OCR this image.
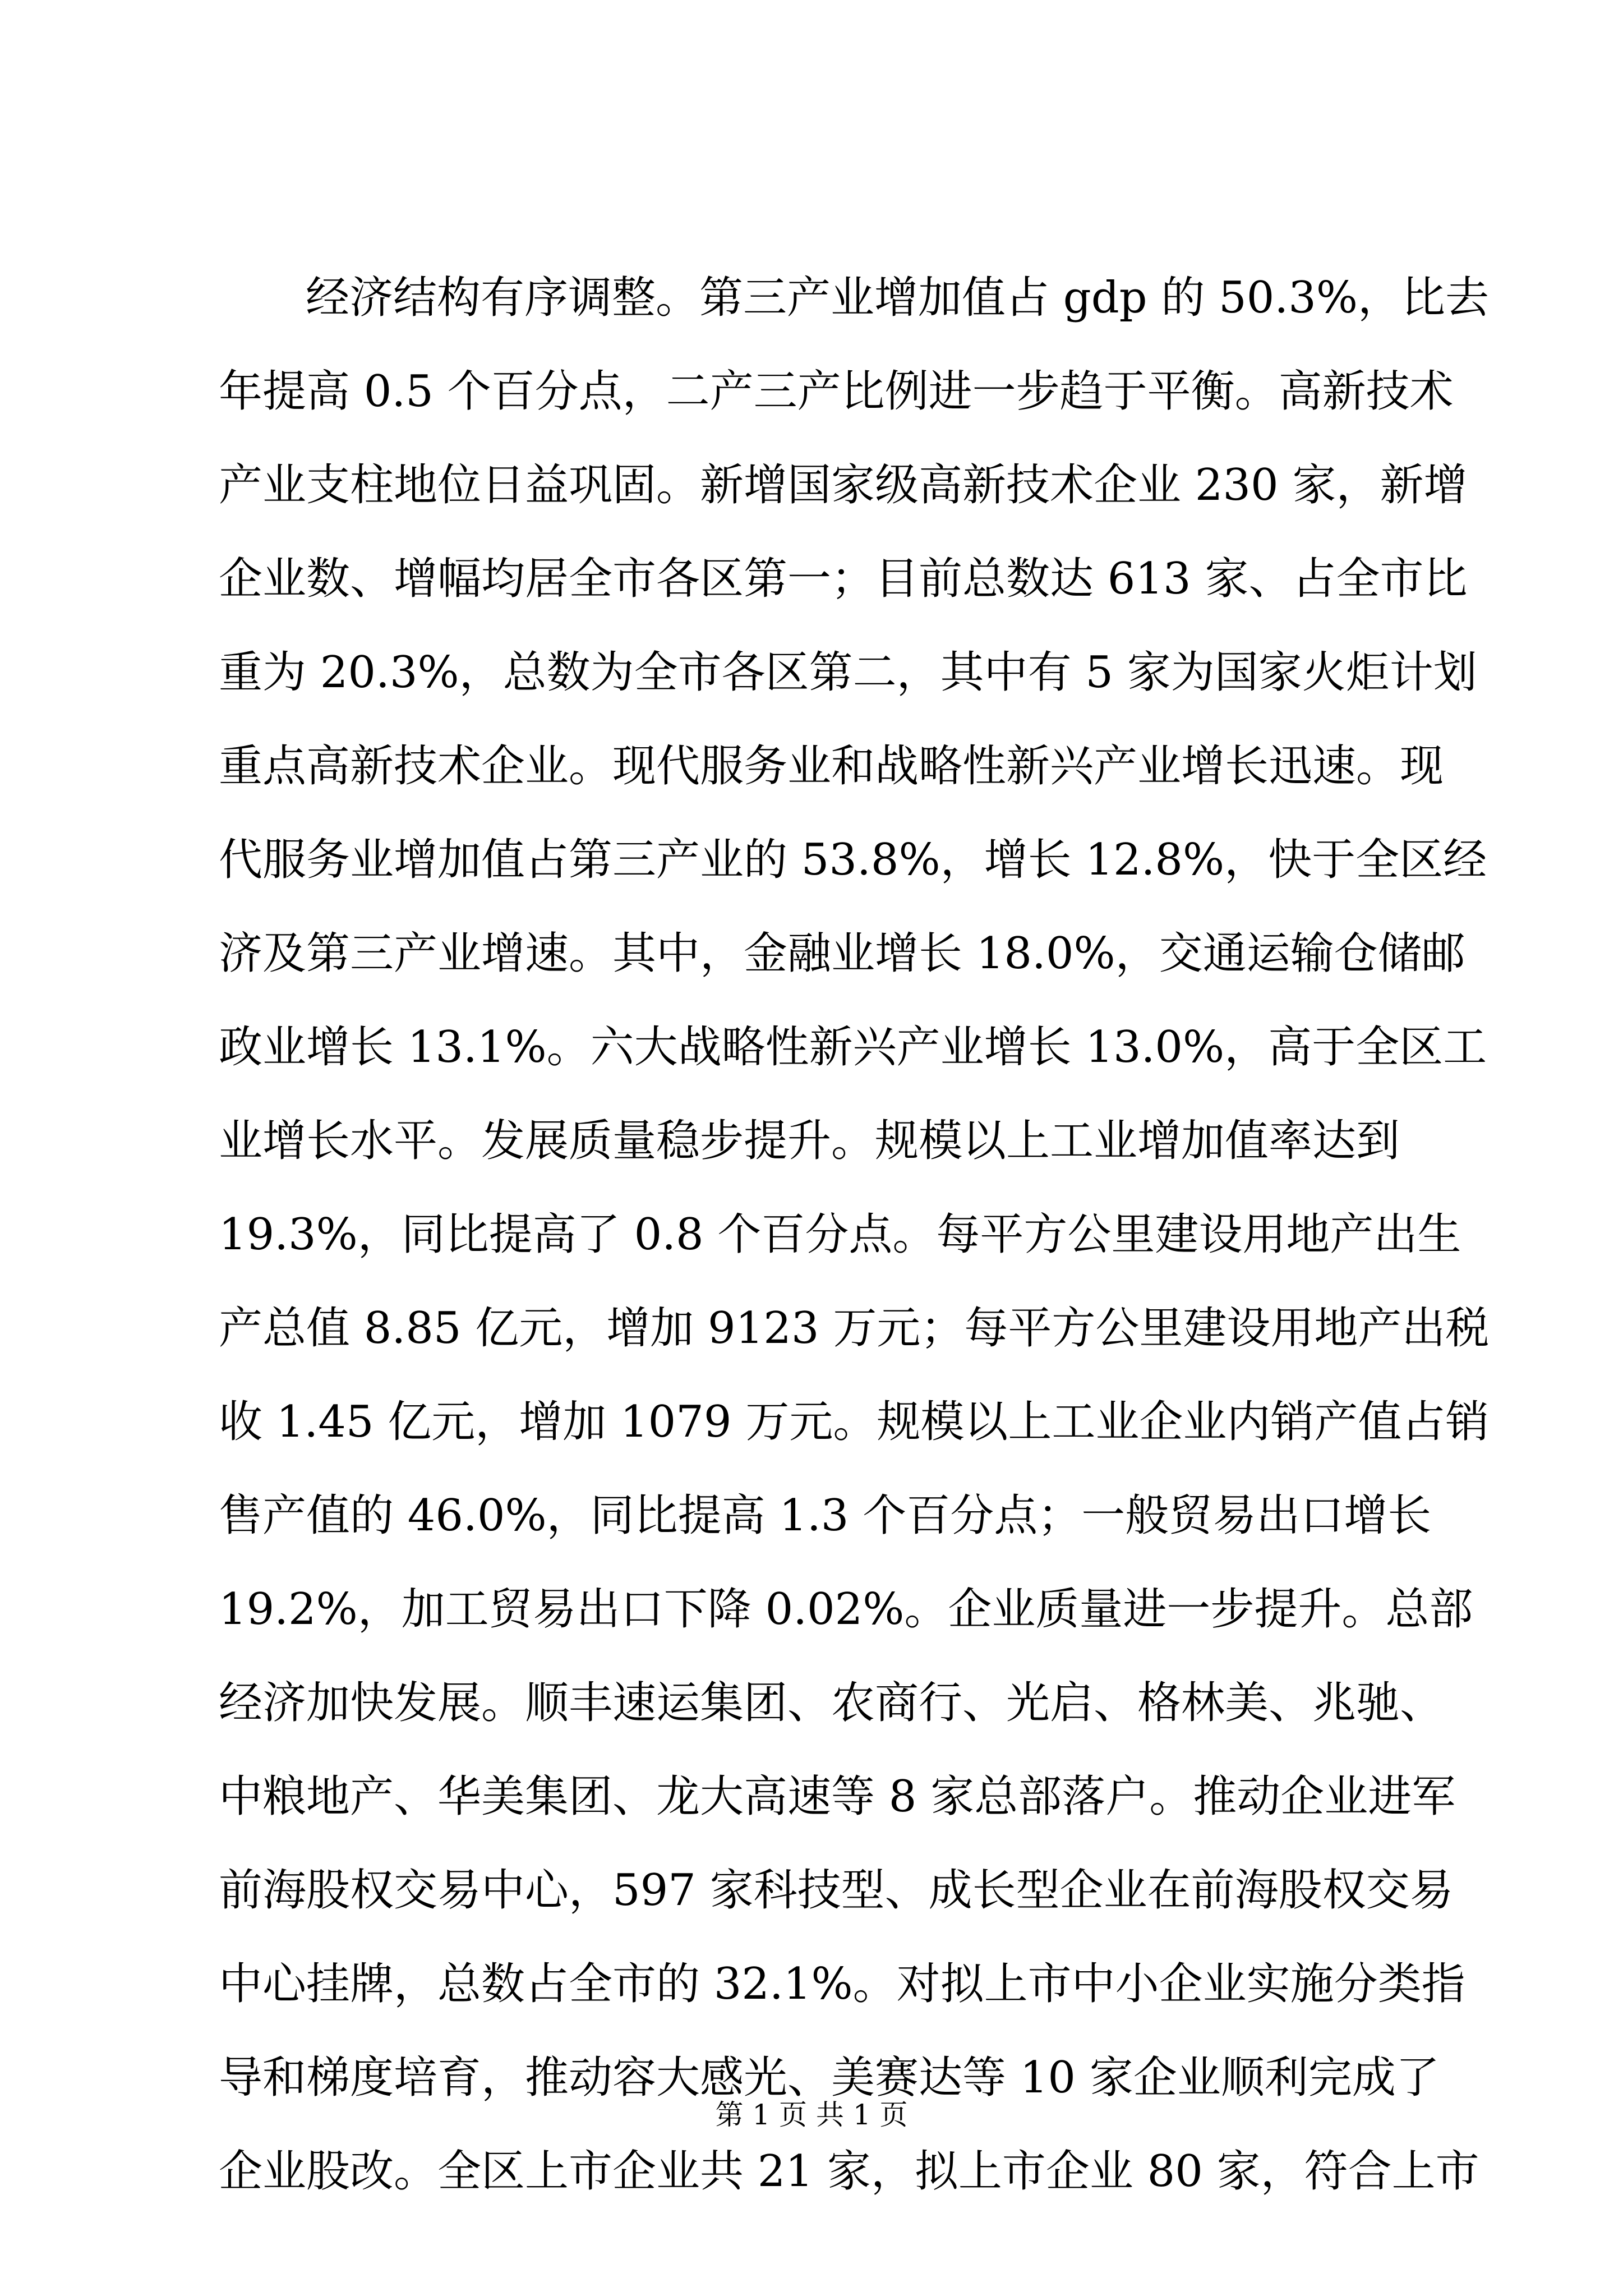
经济结构有序调整。第三产业增加值占 gdp 的 50.3%，比去
年提高 0.5 个百分点，二产三产比例进一步趋于平衡。高新技术
产业支柱地位日益巩固。新增国家级高新技术企业 230 家，新增
企业数、增幅均居全市各区第一；目前总数达 613 家、占全市比
重为 20.3%，总数为全市各区第二，其中有 5 家为国家火炬计划
重点高新技术企业。现代服务业和战略性新兴产业增长迅速。现
代服务业增加值占第三产业的 53.8%，增长 12.8%，快于全区经
济及第三产业增速。其中，金融业增长 18.0%，交通运输仓储邮
政业增长 13.1%。六大战略性新兴产业增长 13.0%，高于全区工
业增长水平。发展质量稳步提升。规模以上工业增加值率达到
19.3%，同比提高了 0.8 个百分点。每平方公里建设用地产出生
产总值 8.85 亿元，增加 9123 万元；每平方公里建设用地产出税
收 1.45 亿元，增加 1079 万元。规模以上工业企业内销产值占销
售产值的 46.0%，同比提高 1.3 个百分点；一般贸易出口增长
19.2%，加工贸易出口下降 0.02%。企业质量进一步提升。总部
经济加快发展。顺丰速运集团、农商行、光启、格林美、兆驰、
中粮地产、华美集团、龙大高速等 8 家总部落户。推动企业进军
前海股权交易中心，597 家科技型、成长型企业在前海股权交易
中心挂牌，总数占全市的 32.1%。对拟上市中小企业实施分类指
导和梯度培育，推动容大感光、美赛达等 10 家企业顺利完成了
企业股改。全区上市企业共 21 家，拟上市企业 80 家，符合上市
第 1 页 共 1 页
